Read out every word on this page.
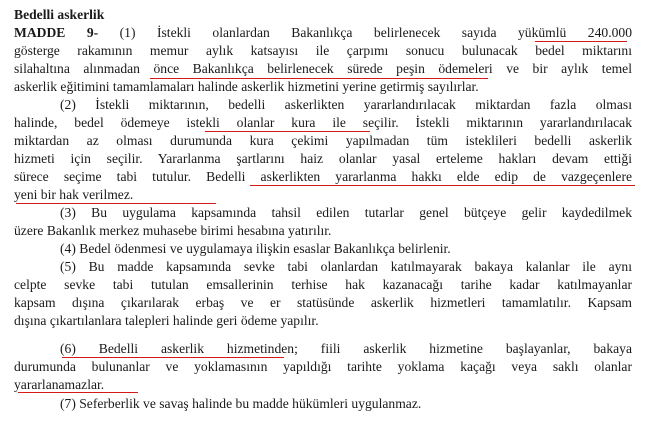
Bedelli askerlik
MADDE 9- (1) İstekli olanlardan Bakanlıkça belirlenecek sayıda yükümlü 240.000
gösterge rakamının memur aylık katsayısı ile çarpımı sonucu bulunacak bedel miktarını
silahaltına alınmadan önce Bakanlıkça belirlenecek sürede peşin ödemeleri ve bir aylık temel
askerlik eğitimini tamamlamaları halinde askerlik hizmetini yerine getirmiş sayılırlar.
(2) İstekli miktarının, bedelli askerlikten yararlandırılacak miktardan fazla olması
halinde, bedel ödemeye istekli olanlar kura ile seçilir. İstekli miktarının yararlandırılacak
miktardan az olması durumunda kura çekimi yapılmadan tüm isteklileri bedelli askerlik
hizmeti için seçilir. Yararlanma şartlarını haiz olanlar yasal erteleme hakları devam ettiği
sürece seçime tabi tutulur. Bedelli askerlikten yararlanma hakkı elde edip de vazgeçenlere
yeni bir hak verilmez.
(3) Bu uygulama kapsamında tahsil edilen tutarlar genel bütçeye gelir kaydedilmek
üzere Bakanlık merkez muhasebe birimi hesabına yatırılır.
(4) Bedel ödenmesi ve uygulamaya ilişkin esaslar Bakanlıkça belirlenir.
(5) Bu madde kapsamında sevke tabi olanlardan katılmayarak bakaya kalanlar ile aynı
celpte sevke tabi tutulan emsallerinin terhise hak kazanacağı tarihe kadar katılmayanlar
kapsam dışına çıkarılarak erbaş ve er statüsünde askerlik hizmetleri tamamlatılır. Kapsam
dışına çıkartılanlara talepleri halinde geri ödeme yapılır.
(6) Bedelli askerlik hizmetinden; fiili askerlik hizmetine başlayanlar, bakaya
durumunda bulunanlar ve yoklamasının yapıldığı tarihte yoklama kaçağı veya saklı olanlar
yararlanamazlar.
(7) Seferberlik ve savaş halinde bu madde hükümleri uygulanmaz.
